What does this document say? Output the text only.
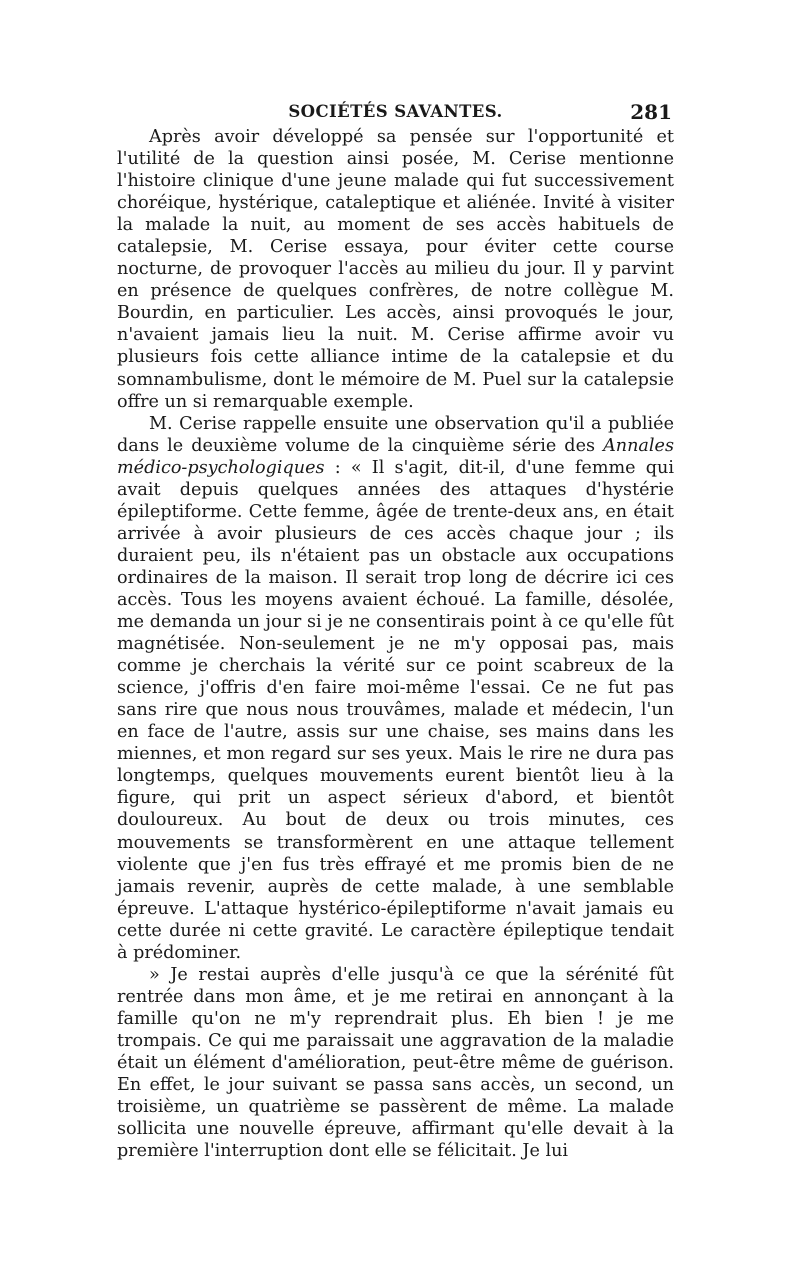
SOCIÉTÉS SAVANTES.	281

Après avoir développé sa pensée sur l'opportunité et l'utilité de la question ainsi posée, M. Cerise mentionne l'histoire clinique d'une jeune malade qui fut successivement choréique, hystérique, cataleptique et aliénée. Invité à visiter la malade la nuit, au moment de ses accès habituels de catalepsie, M. Cerise essaya, pour éviter cette course nocturne, de provoquer l'accès au milieu du jour. Il y parvint en présence de quelques confrères, de notre collègue M. Bourdin, en particulier. Les accès, ainsi provoqués le jour, n'avaient jamais lieu la nuit. M. Cerise affirme avoir vu plusieurs fois cette alliance intime de la catalepsie et du somnambulisme, dont le mémoire de M. Puel sur la catalepsie offre un si remarquable exemple.

M. Cerise rappelle ensuite une observation qu'il a publiée dans le deuxième volume de la cinquième série des Annales médico-psychologiques : « Il s'agit, dit-il, d'une femme qui avait depuis quelques années des attaques d'hystérie épileptiforme. Cette femme, âgée de trente-deux ans, en était arrivée à avoir plusieurs de ces accès chaque jour ; ils duraient peu, ils n'étaient pas un obstacle aux occupations ordinaires de la maison. Il serait trop long de décrire ici ces accès. Tous les moyens avaient échoué. La famille, désolée, me demanda un jour si je ne consentirais point à ce qu'elle fût magnétisée. Non-seulement je ne m'y opposai pas, mais comme je cherchais la vérité sur ce point scabreux de la science, j'offris d'en faire moi-même l'essai. Ce ne fut pas sans rire que nous nous trouvâmes, malade et médecin, l'un en face de l'autre, assis sur une chaise, ses mains dans les miennes, et mon regard sur ses yeux. Mais le rire ne dura pas longtemps, quelques mouvements eurent bientôt lieu à la figure, qui prit un aspect sérieux d'abord, et bientôt douloureux. Au bout de deux ou trois minutes, ces mouvements se transformèrent en une attaque tellement violente que j'en fus très effrayé et me promis bien de ne jamais revenir, auprès de cette malade, à une semblable épreuve. L'attaque hystérico-épileptiforme n'avait jamais eu cette durée ni cette gravité. Le caractère épileptique tendait à prédominer.

» Je restai auprès d'elle jusqu'à ce que la sérénité fût rentrée dans mon âme, et je me retirai en annonçant à la famille qu'on ne m'y reprendrait plus. Eh bien ! je me trompais. Ce qui me paraissait une aggravation de la maladie était un élément d'amélioration, peut-être même de guérison. En effet, le jour suivant se passa sans accès, un second, un troisième, un quatrième se passèrent de même. La malade sollicita une nouvelle épreuve, affirmant qu'elle devait à la première l'interruption dont elle se félicitait. Je lui
